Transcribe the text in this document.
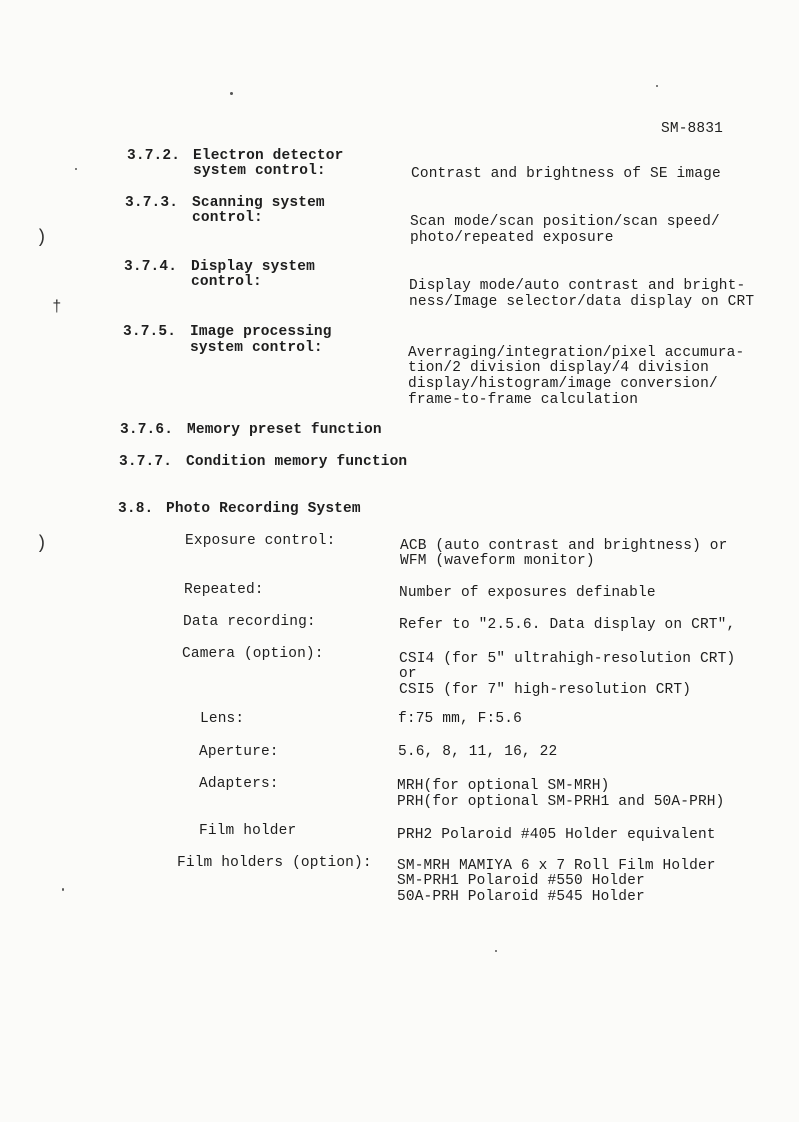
)
)
†
SM-8831
3.7.2. Electron detector
system control:	Contrast and brightness of SE image
3.7.3. Scanning system
control:	Scan mode/scan position/scan speed/
photo/repeated exposure
3.7.4. Display system
control:	Display mode/auto contrast and bright-
ness/Image selector/data display on CRT
3.7.5. Image processing
system control:	Averraging/integration/pixel accumura-
tion/2 division display/4 division
display/histogram/image conversion/
frame-to-frame calculation
3.7.6. Memory preset function
3.7.7. Condition memory function
3.8. Photo Recording System
Exposure control:	ACB (auto contrast and brightness) or
WFM (waveform monitor)
Repeated:	Number of exposures definable
Data recording:	Refer to "2.5.6. Data display on CRT",
Camera (option):	CSI4 (for 5" ultrahigh-resolution CRT)
or
CSI5 (for 7" high-resolution CRT)
Lens:	f:75 mm, F:5.6
Aperture:	5.6, 8, 11, 16, 22
Adapters:	MRH(for optional SM-MRH)
PRH(for optional SM-PRH1 and 50A-PRH)
Film holder	PRH2 Polaroid #405 Holder equivalent
Film holders (option): SM-MRH MAMIYA 6 x 7 Roll Film Holder
SM-PRH1 Polaroid #550 Holder
50A-PRH Polaroid #545 Holder
